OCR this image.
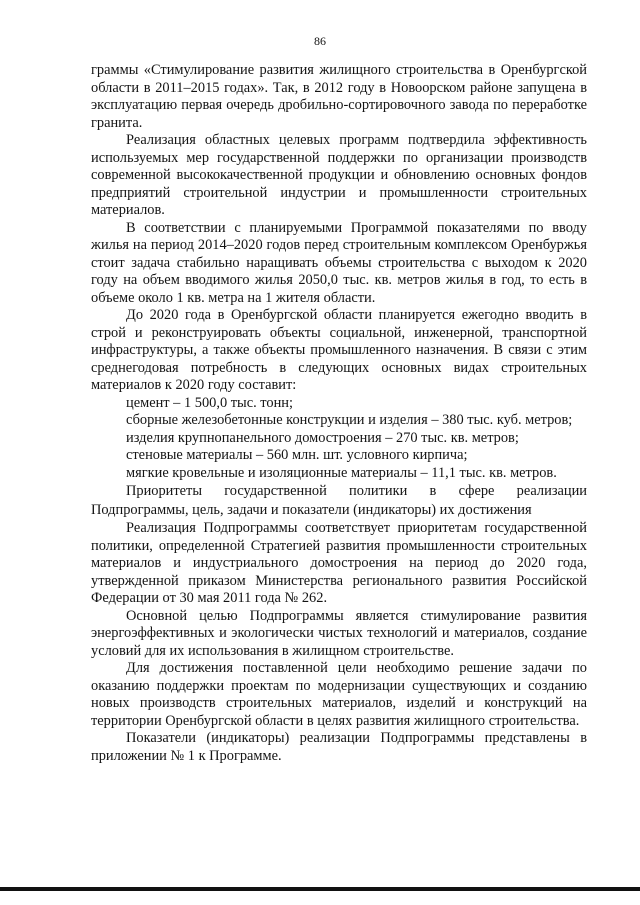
86

граммы «Стимулирование развития жилищного строительства в Оренбургской области в 2011–2015 годах». Так, в 2012 году в Новоорском районе запущена в эксплуатацию первая очередь дробильно-сортировочного завода по переработке гранита.

Реализация областных целевых программ подтвердила эффективность используемых мер государственной поддержки по организации производств современной высококачественной продукции и обновлению основных фондов предприятий строительной индустрии и промышленности строительных материалов.

В соответствии с планируемыми Программой показателями по вводу жилья на период 2014–2020 годов перед строительным комплексом Оренбуржья стоит задача стабильно наращивать объемы строительства с выходом к 2020 году на объем вводимого жилья 2050,0 тыс. кв. метров жилья в год, то есть в объеме около 1 кв. метра на 1 жителя области.

До 2020 года в Оренбургской области планируется ежегодно вводить в строй и реконструировать объекты социальной, инженерной, транспортной инфраструктуры, а также объекты промышленного назначения. В связи с этим среднегодовая потребность в следующих основных видах строительных материалов к 2020 году составит:

цемент – 1 500,0 тыс. тонн;
сборные железобетонные конструкции и изделия – 380 тыс. куб. метров;
изделия крупнопанельного домостроения – 270 тыс. кв. метров;
стеновые материалы – 560 млн. шт. условного кирпича;
мягкие кровельные и изоляционные материалы – 11,1 тыс. кв. метров.

Приоритеты государственной политики в сфере реализации Подпрограммы, цель, задачи и показатели (индикаторы) их достижения

Реализация Подпрограммы соответствует приоритетам государственной политики, определенной Стратегией развития промышленности строительных материалов и индустриального домостроения на период до 2020 года, утвержденной приказом Министерства регионального развития Российской Федерации от 30 мая 2011 года № 262.

Основной целью Подпрограммы является стимулирование развития энергоэффективных и экологически чистых технологий и материалов, создание условий для их использования в жилищном строительстве.

Для достижения поставленной цели необходимо решение задачи по оказанию поддержки проектам по модернизации существующих и созданию новых производств строительных материалов, изделий и конструкций на территории Оренбургской области в целях развития жилищного строительства.

Показатели (индикаторы) реализации Подпрограммы представлены в приложении № 1 к Программе.
